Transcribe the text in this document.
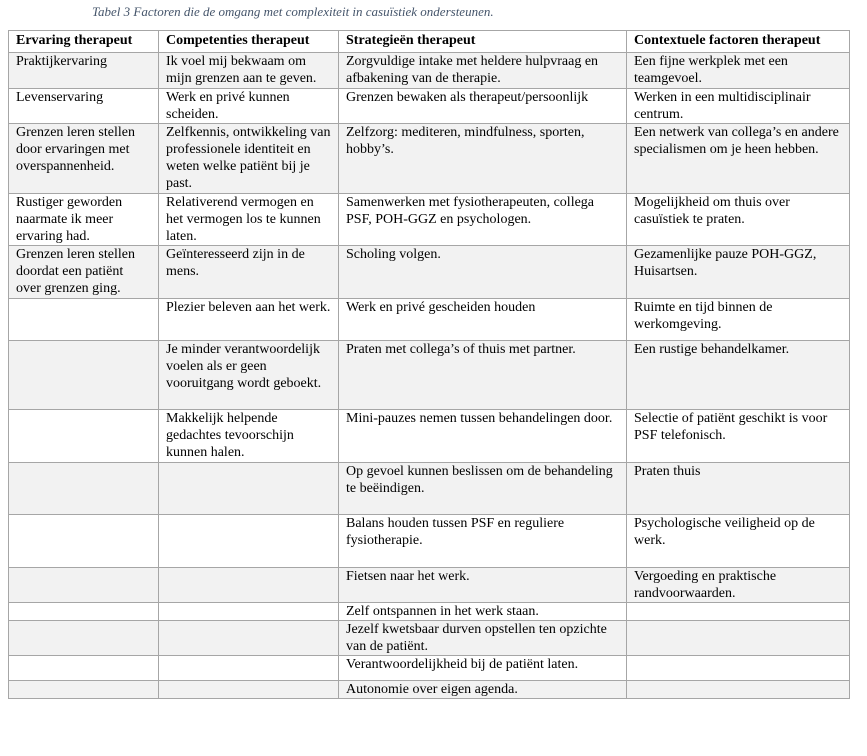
Tabel 3 Factoren die de omgang met complexiteit in casuïstiek ondersteunen.
Ervaring therapeut	Competenties therapeut	Strategieën therapeut	Contextuele factoren therapeut
Praktijkervaring	Ik voel mij bekwaam om mijn grenzen aan te geven.	Zorgvuldige intake met heldere hulpvraag en afbakening van de therapie.	Een fijne werkplek met een teamgevoel.
Levenservaring	Werk en privé kunnen scheiden.	Grenzen bewaken als therapeut/persoonlijk	Werken in een multidisciplinair centrum.
Grenzen leren stellen door ervaringen met overspannenheid.	Zelfkennis, ontwikkeling van professionele identiteit en weten welke patiënt bij je past.	Zelfzorg: mediteren, mindfulness, sporten, hobby’s.	Een netwerk van collega’s en andere specialismen om je heen hebben.
Rustiger geworden naarmate ik meer ervaring had.	Relativerend vermogen en het vermogen los te kunnen laten.	Samenwerken met fysiotherapeuten, collega PSF, POH-GGZ en psychologen.	Mogelijkheid om thuis over casuïstiek te praten.
Grenzen leren stellen doordat een patiënt over grenzen ging.	Geïnteresseerd zijn in de mens.	Scholing volgen.	Gezamenlijke pauze POH-GGZ, Huisartsen.
	Plezier beleven aan het werk.	Werk en privé gescheiden houden	Ruimte en tijd binnen de werkomgeving.
	Je minder verantwoordelijk voelen als er geen vooruitgang wordt geboekt.	Praten met collega’s of thuis met partner.	Een rustige behandelkamer.
	Makkelijk helpende gedachtes tevoorschijn kunnen halen.	Mini-pauzes nemen tussen behandelingen door.	Selectie of patiënt geschikt is voor PSF telefonisch.
		Op gevoel kunnen beslissen om de behandeling te beëindigen.	Praten thuis
		Balans houden tussen PSF en reguliere fysiotherapie.	Psychologische veiligheid op de werk.
		Fietsen naar het werk.	Vergoeding en praktische randvoorwaarden.
		Zelf ontspannen in het werk staan.	
		Jezelf kwetsbaar durven opstellen ten opzichte van de patiënt.	
		Verantwoordelijkheid bij de patiënt laten.	
		Autonomie over eigen agenda.	
